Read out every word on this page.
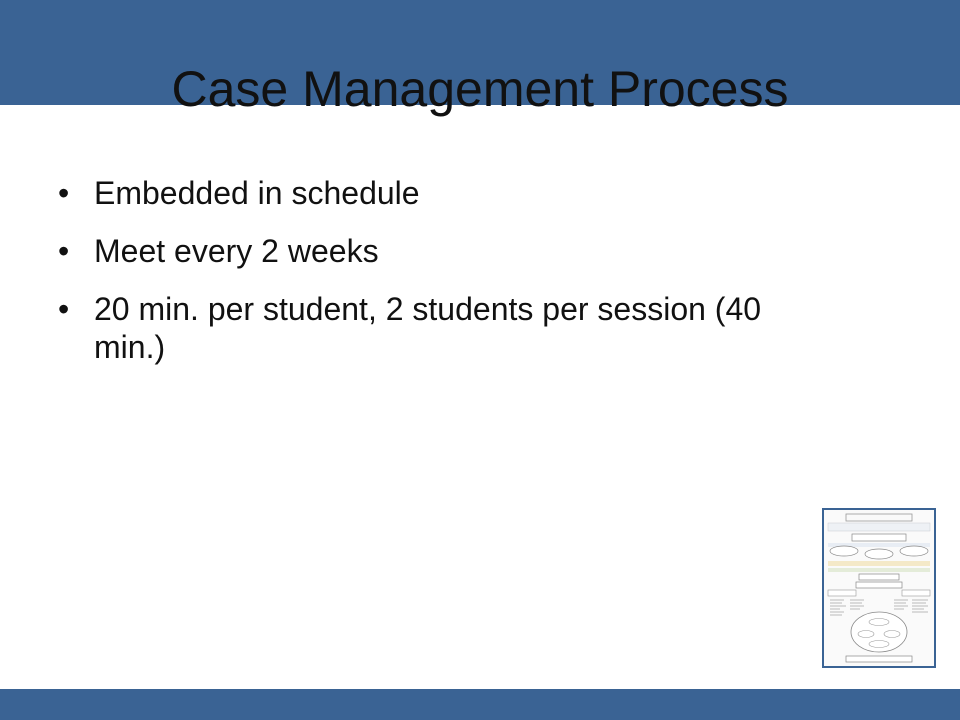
Case Management Process
• Embedded in schedule
• Meet every 2 weeks
• 20 min. per student, 2 students per session (40 min.)
